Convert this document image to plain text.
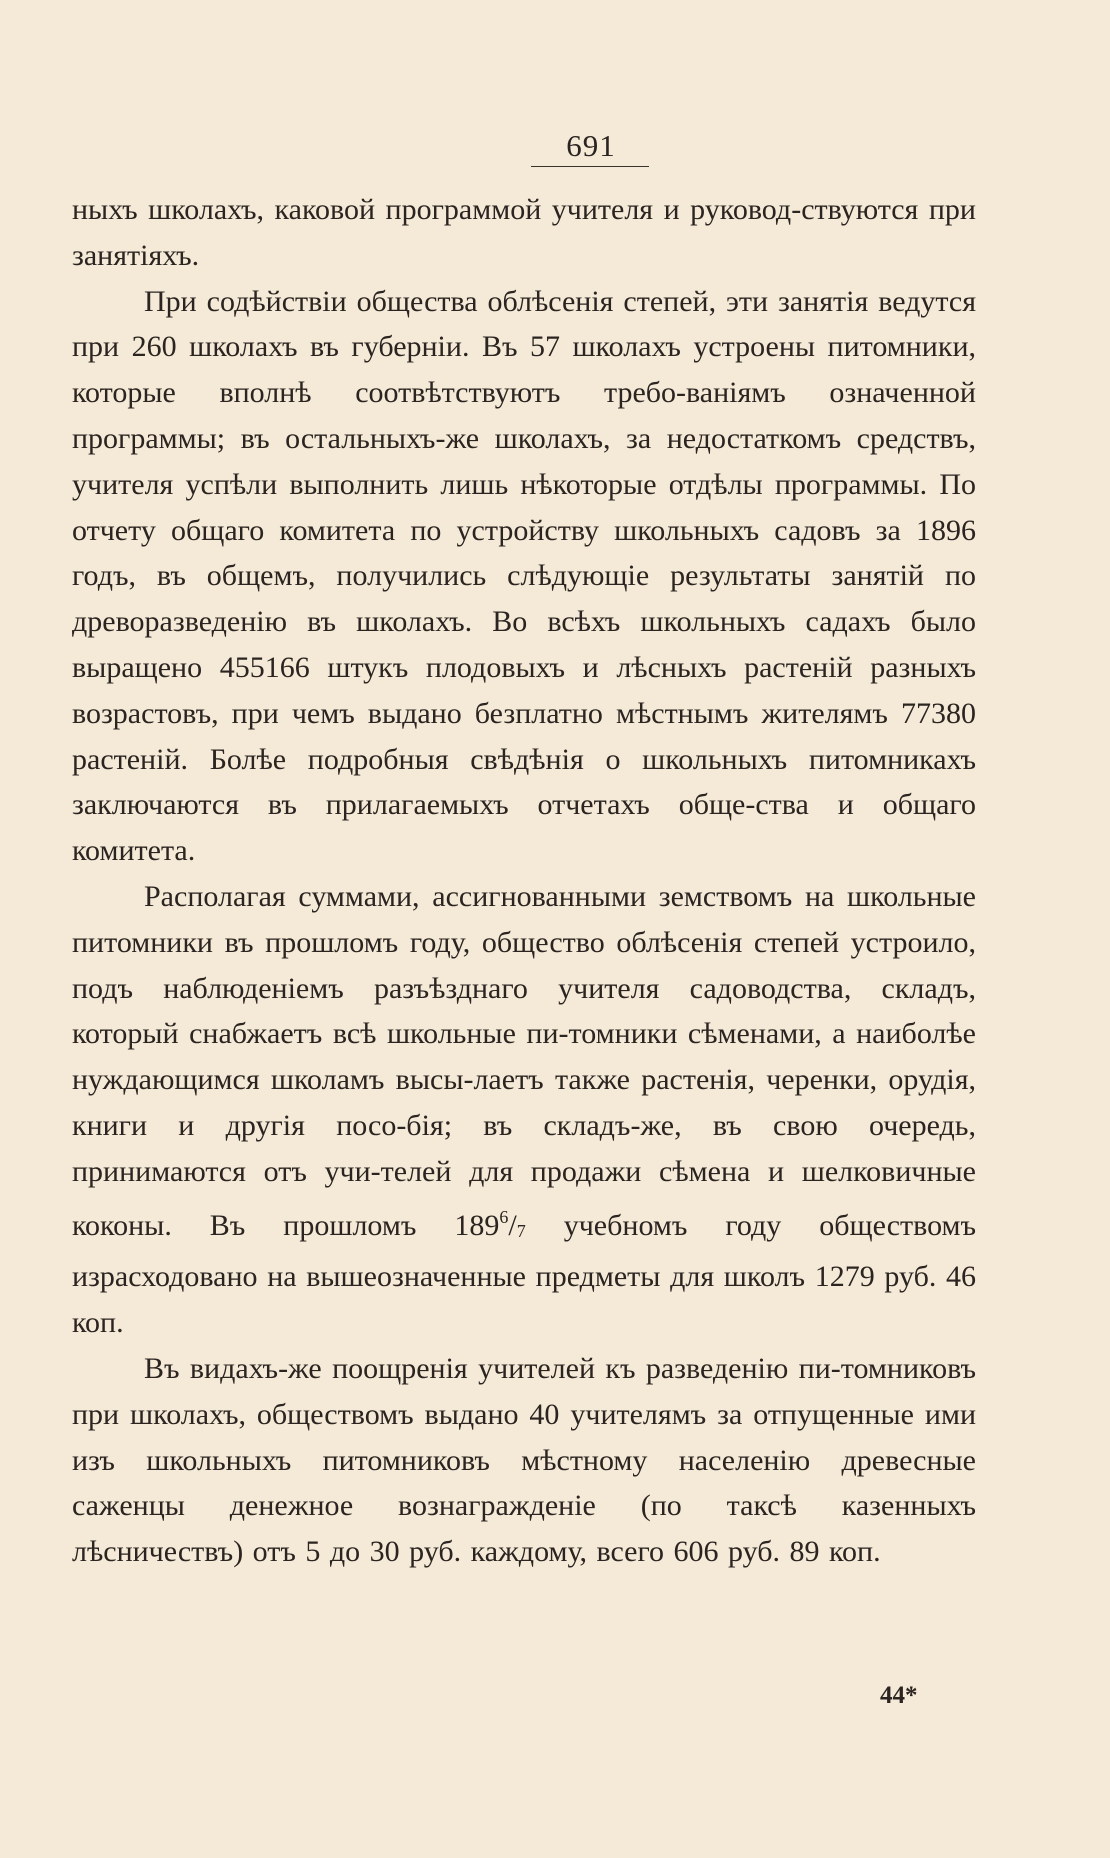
691

ныхъ школахъ, каковой программой учителя и руковод-ствуются при занятіяхъ.

При содѣйствіи общества облѣсенія степей, эти занятія ведутся при 260 школахъ въ губерніи. Въ 57 школахъ устроены питомники, которые вполнѣ соотвѣтствуютъ требо-ваніямъ означенной программы; въ остальныхъ-же школахъ, за недостаткомъ средствъ, учителя успѣли выполнить лишь нѣкоторые отдѣлы программы. По отчету общаго комитета по устройству школьныхъ садовъ за 1896 годъ, въ общемъ, получились слѣдующіе результаты занятій по древоразведенію въ школахъ. Во всѣхъ школьныхъ садахъ было выращено 455166 штукъ плодовыхъ и лѣсныхъ растеній разныхъ возрастовъ, при чемъ выдано безплатно мѣстнымъ жителямъ 77380 растеній. Болѣе подробныя свѣдѣнія о школьныхъ питомникахъ заключаются въ прилагаемыхъ отчетахъ обще-ства и общаго комитета.

Располагая суммами, ассигнованными земствомъ на школьные питомники въ прошломъ году, общество облѣсенія степей устроило, подъ наблюденіемъ разъѣзднаго учителя садоводства, складъ, который снабжаетъ всѣ школьные пи-томники сѣменами, а наиболѣе нуждающимся школамъ высы-лаетъ также растенія, черенки, орудія, книги и другія посо-бія; въ складъ-же, въ свою очередь, принимаются отъ учи-телей для продажи сѣмена и шелковичные коконы. Въ прошломъ $189^6/_7$ учебномъ году обществомъ израсходовано на вышеозначенные предметы для школъ 1279 руб. 46 коп.

Въ видахъ-же поощренія учителей къ разведенію пи-томниковъ при школахъ, обществомъ выдано 40 учителямъ за отпущенные ими изъ школьныхъ питомниковъ мѣстному населенію древесные саженцы денежное вознагражденіе (по таксѣ казенныхъ лѣсничествъ) отъ 5 до 30 руб. каждому, всего 606 руб. 89 коп.

44*
